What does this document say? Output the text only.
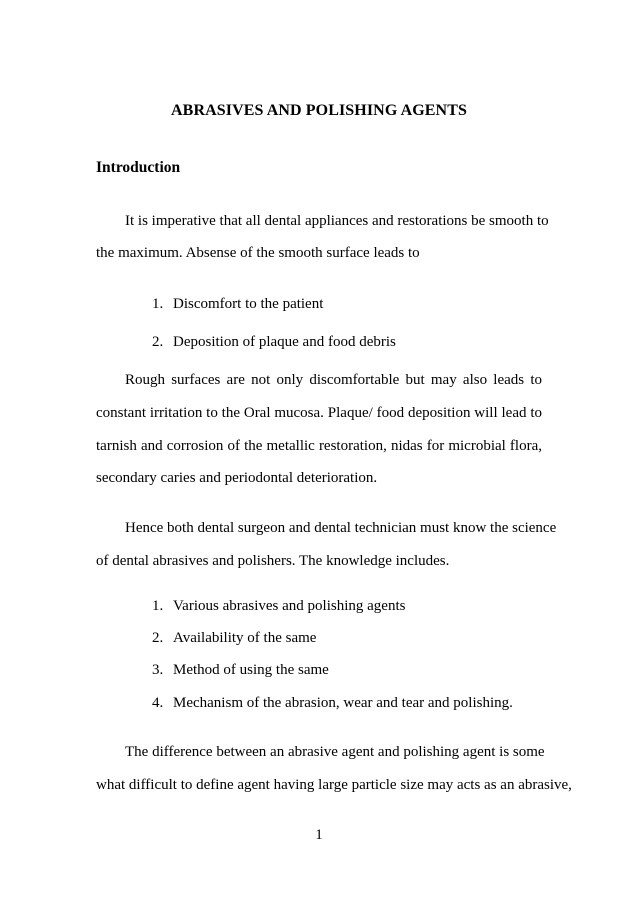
ABRASIVES AND POLISHING AGENTS
Introduction
It is imperative that all dental appliances and restorations be smooth to
the maximum. Absense of the smooth surface leads to
1. Discomfort to the patient
2. Deposition of plaque and food debris
Rough surfaces are not only discomfortable but may also leads to
constant irritation to the Oral mucosa. Plaque/ food deposition will lead to
tarnish and corrosion of the metallic restoration, nidas for microbial flora,
secondary caries and periodontal deterioration.
Hence both dental surgeon and dental technician must know the science
of dental abrasives and polishers. The knowledge includes.
1. Various abrasives and polishing agents
2. Availability of the same
3. Method of using the same
4. Mechanism of the abrasion, wear and tear and polishing.
The difference between an abrasive agent and polishing agent is some
what difficult to define agent having large particle size may acts as an abrasive,
1
